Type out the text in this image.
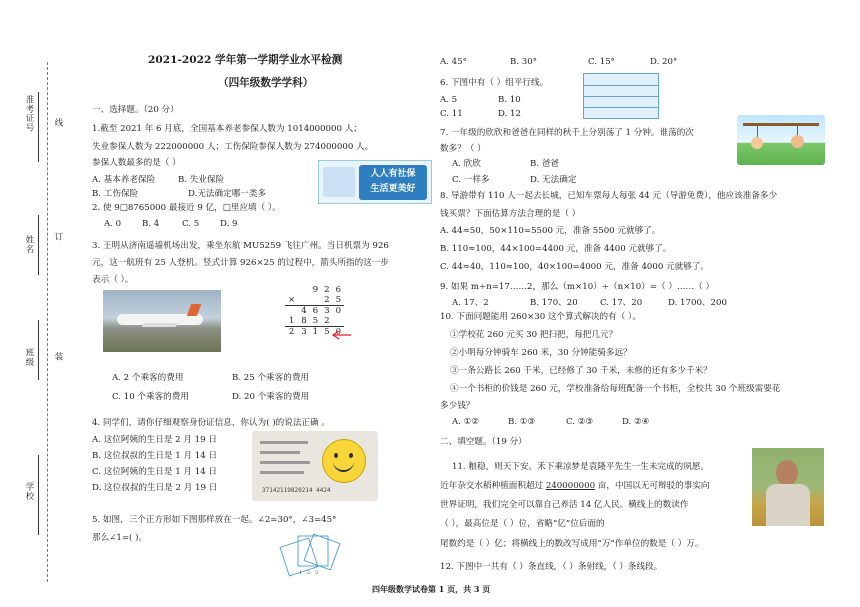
准考证号 线
姓名 订
班级 装
学校
2021-2022 学年第一学期学业水平检测
（四年级数学学科）
一、选择题。（20 分）
1.截至 2021 年 6 月底，全国基本养老参保人数为 1014000000 人；
失业参保人数为 222000000 人；工伤保险参保人数为 274000000 人。
参保人数最多的是（ ）
A. 基本养老保险	B. 失业保险
B. 工伤保险	D.无法确定哪一类多
人人有社保
生活更美好
2. 使 9□8765000 最接近 9 亿，□里应填（ ）。
A. 0 B. 4	C. 5 D. 9
3. 王明从济南遥墙机场出发，乘坐东航 MU5259 飞往广州。当日机票为 926
元，这一航班有 25 人登机。竖式计算 926×25 的过程中，箭头所指的这一步
表示（ ）。
		9	2	6
×			2	5
	4	6	3	0
1	8	5	2	
2	3	1	5	0
A. 2 个乘客的费用	B. 25 个乘客的费用
C. 10 个乘客的费用	D. 20 个乘客的费用
4. 同学们，请你仔细观察身份证信息，你认为( )的说法正确 。
A. 这位阿姨的生日是 2 月 19 日
B. 这位叔叔的生日是 1 月 14 日
C. 这位阿姨的生日是 1 月 14 日
D. 这位叔叔的生日是 2 月 19 日	37142119820214 4424
5. 如图，三个正方形如下图那样放在一起。∠2=30°，∠3=45°
那么∠1=( )。
1 2 3
A. 45°	B. 30°	C. 15°	D. 20°
6. 下图中有（ ）组平行线。
A. 5	B. 10
C. 11	D. 12
7. 一年级的欣欣和爸爸在同样的秋千上分别荡了 1 分钟。谁荡的次
数多？（ ）
A. 欣欣	B. 爸爸
C. 一样多	D. 无法确定
8. 导游带有 110 人一起去长城，已知车票每人每张 44 元（导游免费），他应该准备多少
钱买票？下面估算方法合理的是（ ）
A. 44≈50，50×110=5500 元，准备 5500 元就够了。
B. 110≈100，44×100=4400 元，准备 4400 元就够了。
C. 44≈40，110≈100，40×100=4000 元，准备 4000 元就够了。
9. 如果 m÷n=17……2，那么（m×10）÷（n×10）=（ ）……（ ）
A. 17、2	B. 170、20	C. 17、20	D. 1700、200
10. 下面问题能用 260×30 这个算式解决的有（ ）。
①学校花 260 元买 30 把扫把，每把几元？
②小明每分钟骑车 260 米，30 分钟能骑多远？
③一条公路长 260 千米，已经修了 30 千米，未修的还有多少千米？
④一个书柜的价钱是 260 元，学校准备给每班配备一个书柜，全校共 30 个班级需要花
多少钱？
A. ①②	B. ①③	C. ②③	D. ②④
二、填空题。（19 分）
11. 粮稳，则天下安。禾下乘凉梦是袁隆平先生一生未完成的夙愿。
近年杂交水稻种植面积超过 240000000 亩，中国以无可辩驳的事实向
世界证明，我们完全可以靠自己养活 14 亿人民。横线上的数读作
（ ），最高位是（ ）位，省略“亿”位后面的
尾数约是（ ）亿；将横线上的数改写成用“万”作单位的数是（ ）万。
12. 下图中一共有（ ）条直线，（ ）条射线，（ ）条线段。
四年级数学试卷第 1 页，共 3 页
